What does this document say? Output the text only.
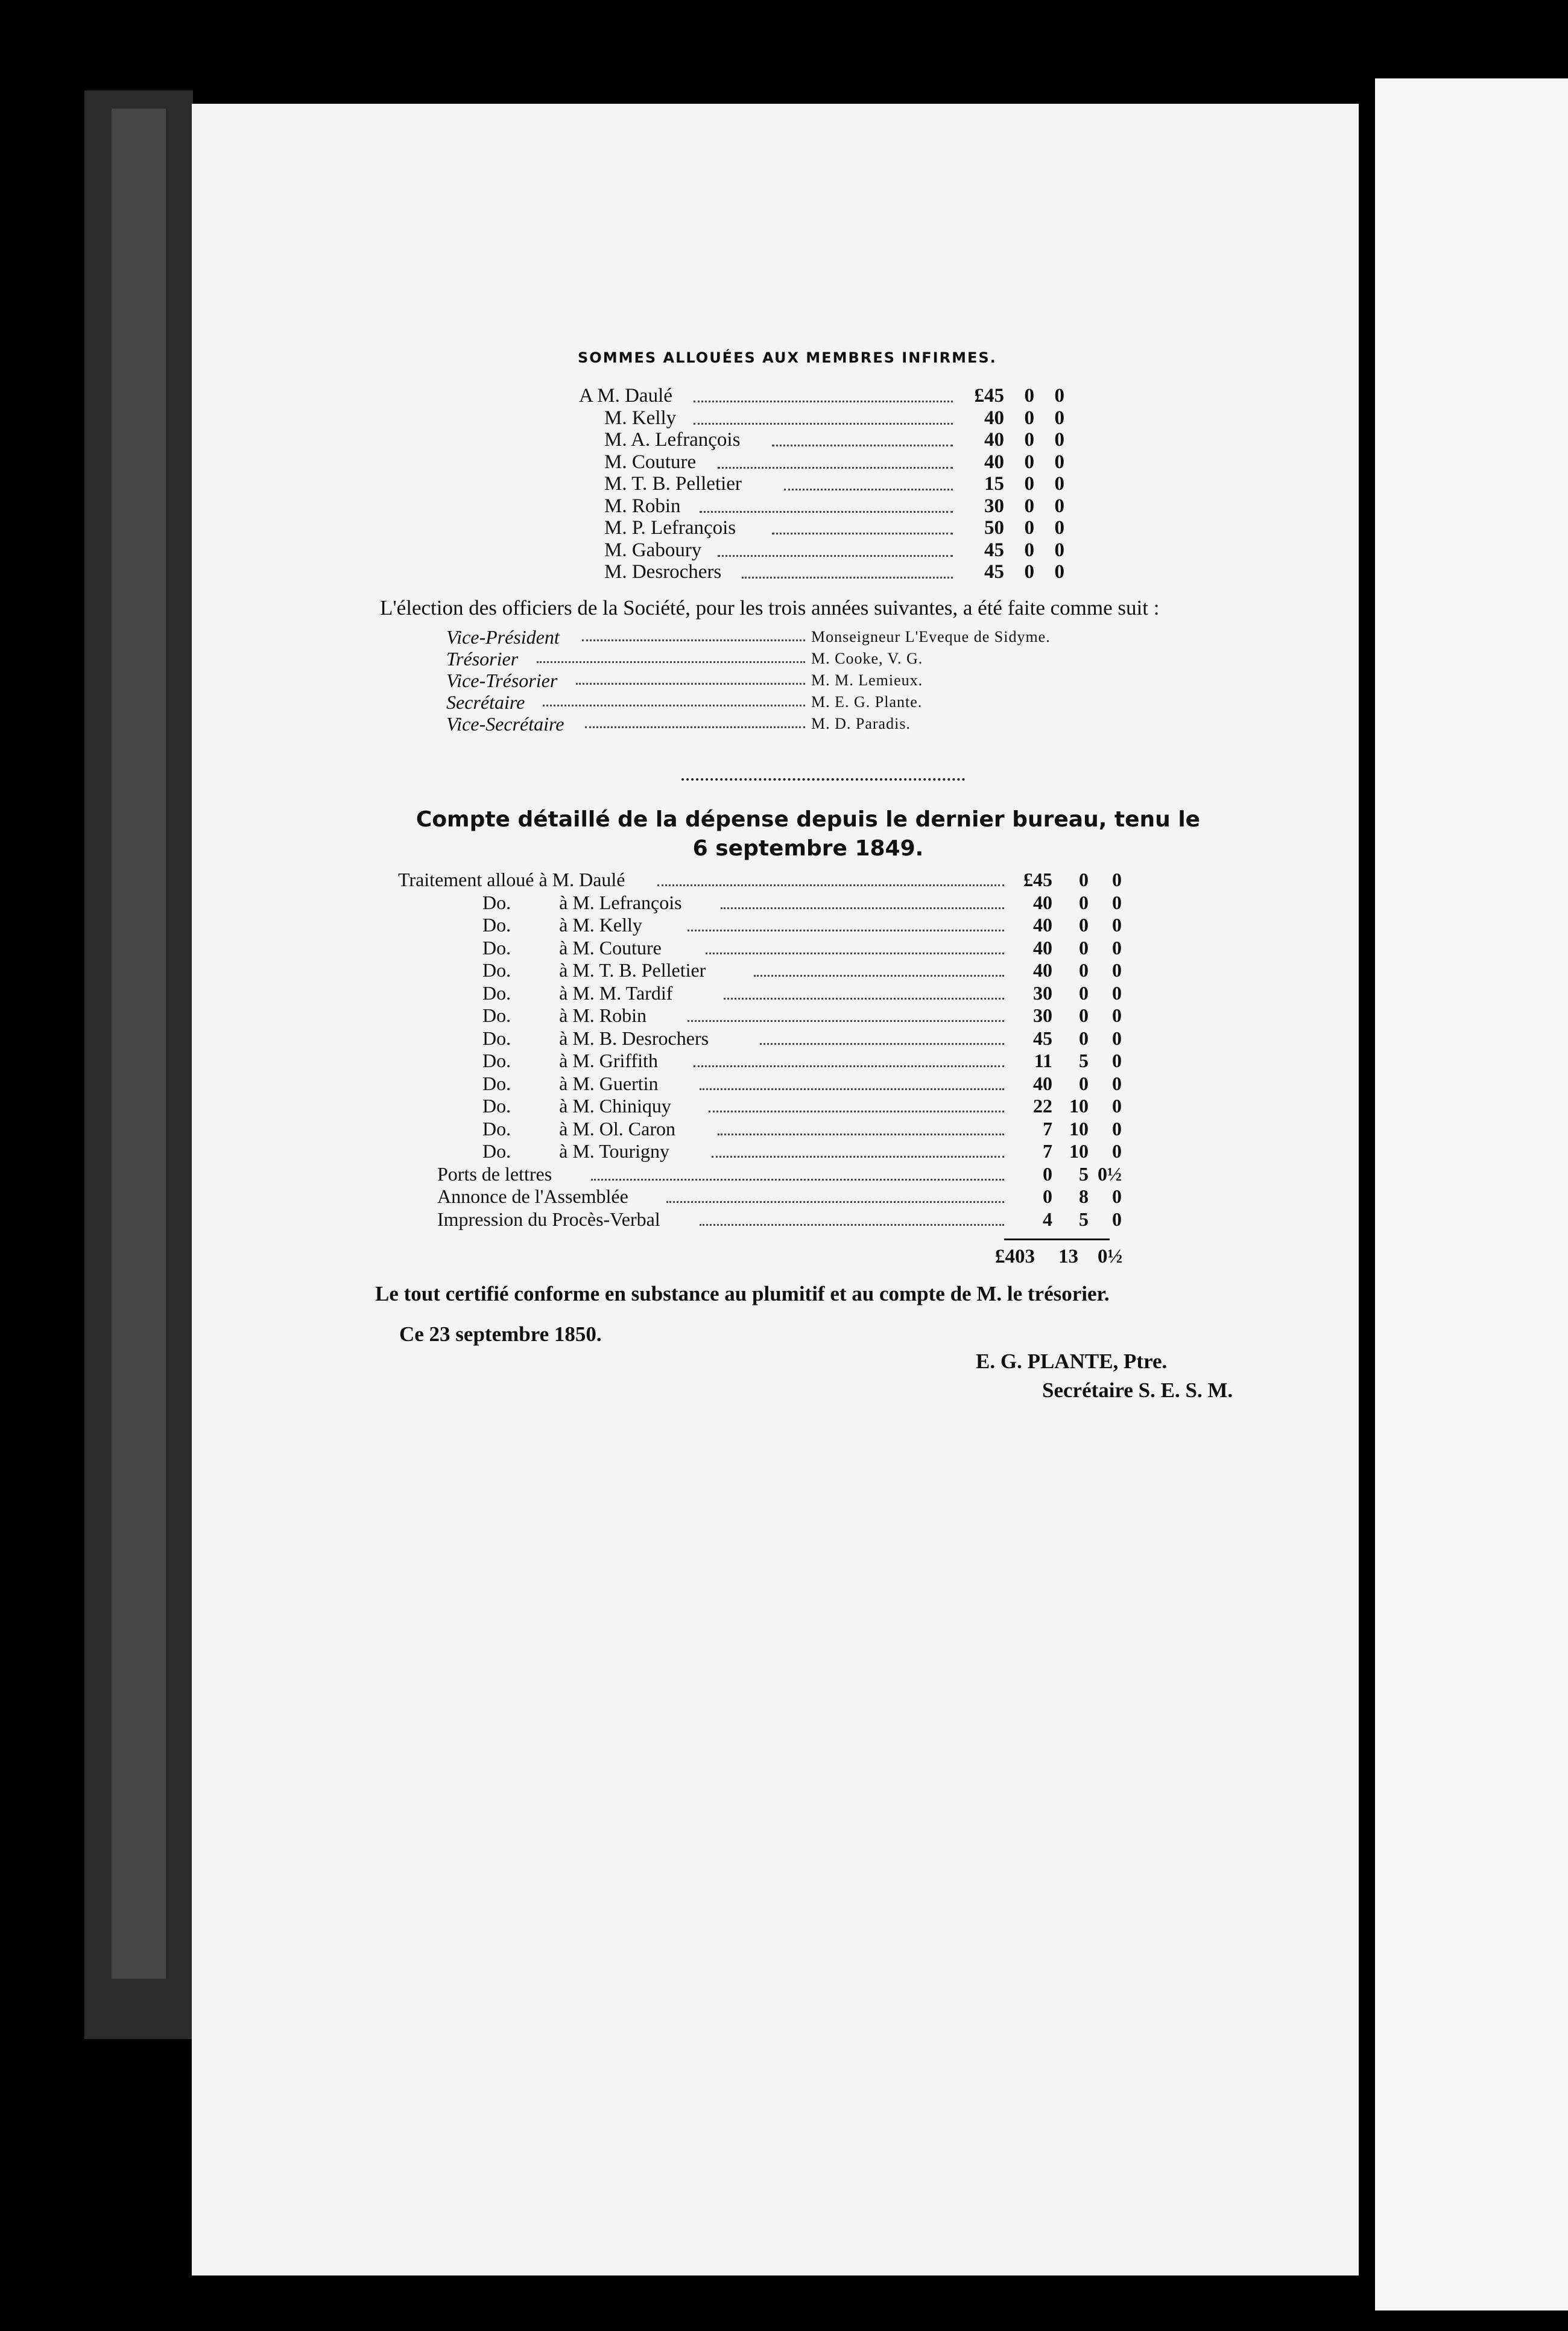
SOMMES ALLOUÉES AUX MEMBRES INFIRMES.
A M. Daulé	£45	0	0
M. Kelly	40	0	0
M. A. Lefrançois	40	0	0
M. Couture	40	0	0
M. T. B. Pelletier	15	0	0
M. Robin	30	0	0
M. P. Lefrançois	50	0	0
M. Gaboury	45	0	0
M. Desrochers	45	0	0
L'élection des officiers de la Société, pour les trois années suivantes, a été faite comme suit :
Vice-Président	Monseigneur L'Eveque de Sidyme.
Trésorier	M. Cooke, V. G.
Vice-Trésorier	M. M. Lemieux.
Secrétaire	M. E. G. Plante.
Vice-Secrétaire	M. D. Paradis.
Compte détaillé de la dépense depuis le dernier bureau, tenu le
6 septembre 1849.
Traitement alloué à M. Daulé	£45	0	0
Do.          à M. Lefrançois	40	0	0
Do.          à M. Kelly	40	0	0
Do.          à M. Couture	40	0	0
Do.          à M. T. B. Pelletier	40	0	0
Do.          à M. M. Tardif	30	0	0
Do.          à M. Robin	30	0	0
Do.          à M. B. Desrochers	45	0	0
Do.          à M. Griffith	11	5	0
Do.          à M. Guertin	40	0	0
Do.          à M. Chiniquy	22 10	0
Do.          à M. Ol. Caron	7 10	0
Do.          à M. Tourigny	7 10	0
Ports de lettres	0	5 0½
Annonce de l'Assemblée	0	8	0
Impression du Procès-Verbal	4	5	0
£403 13 0½
Le tout certifié conforme en substance au plumitif et au compte de M. le trésorier.
Ce 23 septembre 1850.
E. G. PLANTE, Ptre.
Secrétaire S. E. S. M.
